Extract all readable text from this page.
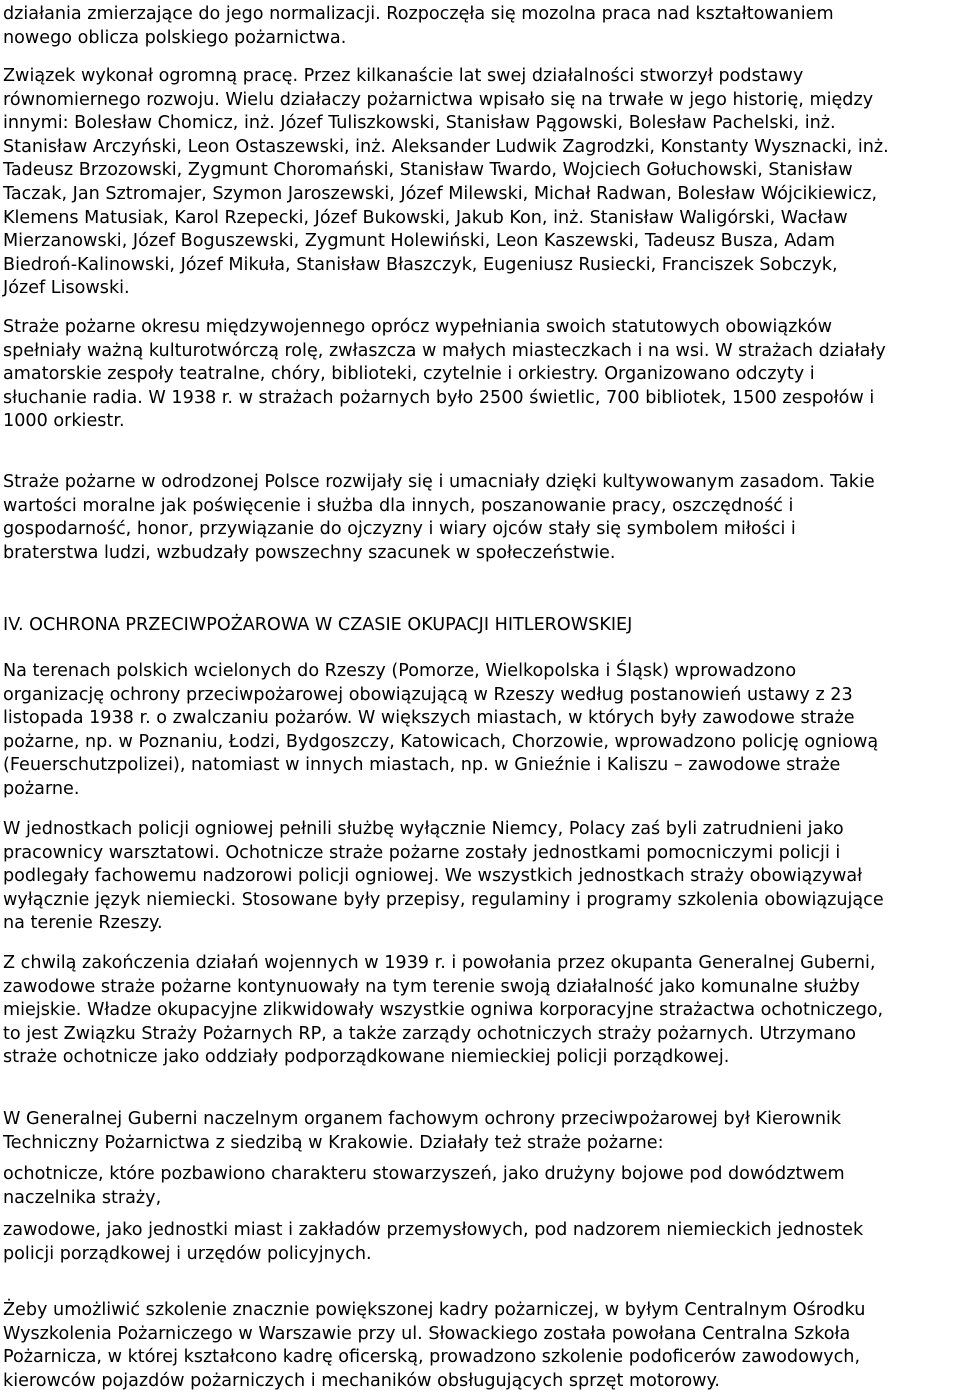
działania zmierzające do jego normalizacji. Rozpoczęła się mozolna praca nad kształtowaniem
nowego oblicza polskiego pożarnictwa.
Związek wykonał ogromną pracę. Przez kilkanaście lat swej działalności stworzył podstawy
równomiernego rozwoju. Wielu działaczy pożarnictwa wpisało się na trwałe w jego historię, między
innymi: Bolesław Chomicz, inż. Józef Tuliszkowski, Stanisław Pągowski, Bolesław Pachelski, inż.
Stanisław Arczyński, Leon Ostaszewski, inż. Aleksander Ludwik Zagrodzki, Konstanty Wysznacki, inż.
Tadeusz Brzozowski, Zygmunt Choromański, Stanisław Twardo, Wojciech Gołuchowski, Stanisław
Taczak, Jan Sztromajer, Szymon Jaroszewski, Józef Milewski, Michał Radwan, Bolesław Wójcikiewicz,
Klemens Matusiak, Karol Rzepecki, Józef Bukowski, Jakub Kon, inż. Stanisław Waligórski, Wacław
Mierzanowski, Józef Boguszewski, Zygmunt Holewiński, Leon Kaszewski, Tadeusz Busza, Adam
Biedroń-Kalinowski, Józef Mikuła, Stanisław Błaszczyk, Eugeniusz Rusiecki, Franciszek Sobczyk,
Józef Lisowski.
Straże pożarne okresu międzywojennego oprócz wypełniania swoich statutowych obowiązków
spełniały ważną kulturotwórczą rolę, zwłaszcza w małych miasteczkach i na wsi. W strażach działały
amatorskie zespoły teatralne, chóry, biblioteki, czytelnie i orkiestry. Organizowano odczyty i
słuchanie radia. W 1938 r. w strażach pożarnych było 2500 świetlic, 700 bibliotek, 1500 zespołów i
1000 orkiestr.
Straże pożarne w odrodzonej Polsce rozwijały się i umacniały dzięki kultywowanym zasadom. Takie
wartości moralne jak poświęcenie i służba dla innych, poszanowanie pracy, oszczędność i
gospodarność, honor, przywiązanie do ojczyzny i wiary ojców stały się symbolem miłości i
braterstwa ludzi, wzbudzały powszechny szacunek w społeczeństwie.
IV. OCHRONA PRZECIWPOŻAROWA W CZASIE OKUPACJI HITLEROWSKIEJ
Na terenach polskich wcielonych do Rzeszy (Pomorze, Wielkopolska i Śląsk) wprowadzono
organizację ochrony przeciwpożarowej obowiązującą w Rzeszy według postanowień ustawy z 23
listopada 1938 r. o zwalczaniu pożarów. W większych miastach, w których były zawodowe straże
pożarne, np. w Poznaniu, Łodzi, Bydgoszczy, Katowicach, Chorzowie, wprowadzono policję ogniową
(Feuerschutzpolizei), natomiast w innych miastach, np. w Gnieźnie i Kaliszu – zawodowe straże
pożarne.
W jednostkach policji ogniowej pełnili służbę wyłącznie Niemcy, Polacy zaś byli zatrudnieni jako
pracownicy warsztatowi. Ochotnicze straże pożarne zostały jednostkami pomocniczymi policji i
podlegały fachowemu nadzorowi policji ogniowej. We wszystkich jednostkach straży obowiązywał
wyłącznie język niemiecki. Stosowane były przepisy, regulaminy i programy szkolenia obowiązujące
na terenie Rzeszy.
Z chwilą zakończenia działań wojennych w 1939 r. i powołania przez okupanta Generalnej Guberni,
zawodowe straże pożarne kontynuowały na tym terenie swoją działalność jako komunalne służby
miejskie. Władze okupacyjne zlikwidowały wszystkie ogniwa korporacyjne strażactwa ochotniczego,
to jest Związku Straży Pożarnych RP, a także zarządy ochotniczych straży pożarnych. Utrzymano
straże ochotnicze jako oddziały podporządkowane niemieckiej policji porządkowej.
W Generalnej Guberni naczelnym organem fachowym ochrony przeciwpożarowej był Kierownik
Techniczny Pożarnictwa z siedzibą w Krakowie. Działały też straże pożarne:
ochotnicze, które pozbawiono charakteru stowarzyszeń, jako drużyny bojowe pod dowództwem
naczelnika straży,
zawodowe, jako jednostki miast i zakładów przemysłowych, pod nadzorem niemieckich jednostek
policji porządkowej i urzędów policyjnych.
Żeby umożliwić szkolenie znacznie powiększonej kadry pożarniczej, w byłym Centralnym Ośrodku
Wyszkolenia Pożarniczego w Warszawie przy ul. Słowackiego została powołana Centralna Szkoła
Pożarnicza, w której kształcono kadrę oficerską, prowadzono szkolenie podoficerów zawodowych,
kierowców pojazdów pożarniczych i mechaników obsługujących sprzęt motorowy.
